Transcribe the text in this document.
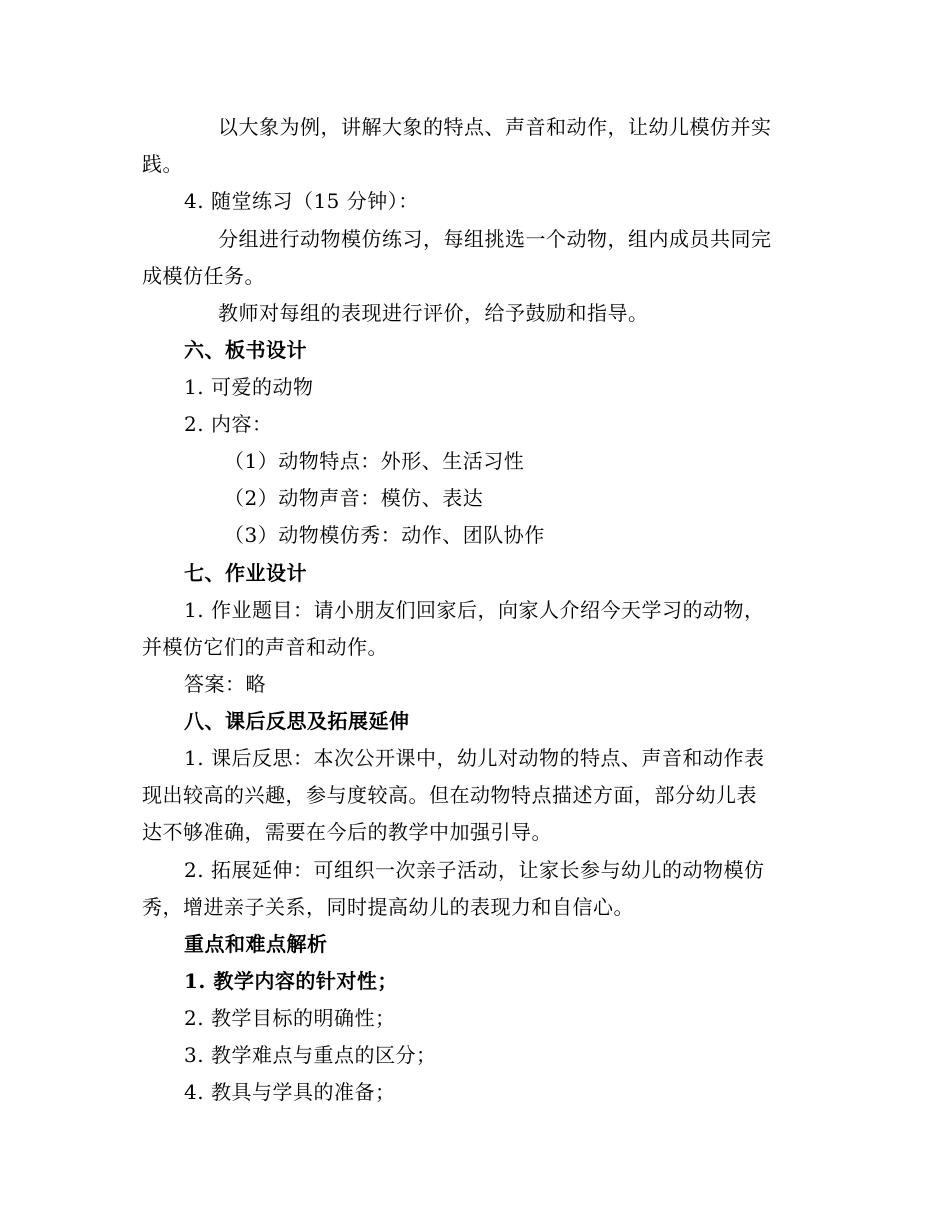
以大象为例，讲解大象的特点、声音和动作，让幼儿模仿并实
践。
4. 随堂练习（15 分钟）：
分组进行动物模仿练习，每组挑选一个动物，组内成员共同完
成模仿任务。
教师对每组的表现进行评价，给予鼓励和指导。
六、板书设计
1. 可爱的动物
2. 内容：
（1）动物特点：外形、生活习性
（2）动物声音：模仿、表达
（3）动物模仿秀：动作、团队协作
七、作业设计
1. 作业题目：请小朋友们回家后，向家人介绍今天学习的动物，
并模仿它们的声音和动作。
答案：略
八、课后反思及拓展延伸
1. 课后反思：本次公开课中，幼儿对动物的特点、声音和动作表
现出较高的兴趣，参与度较高。但在动物特点描述方面，部分幼儿表
达不够准确，需要在今后的教学中加强引导。
2. 拓展延伸：可组织一次亲子活动，让家长参与幼儿的动物模仿
秀，增进亲子关系，同时提高幼儿的表现力和自信心。
重点和难点解析
1. 教学内容的针对性；
2. 教学目标的明确性；
3. 教学难点与重点的区分；
4. 教具与学具的准备；
